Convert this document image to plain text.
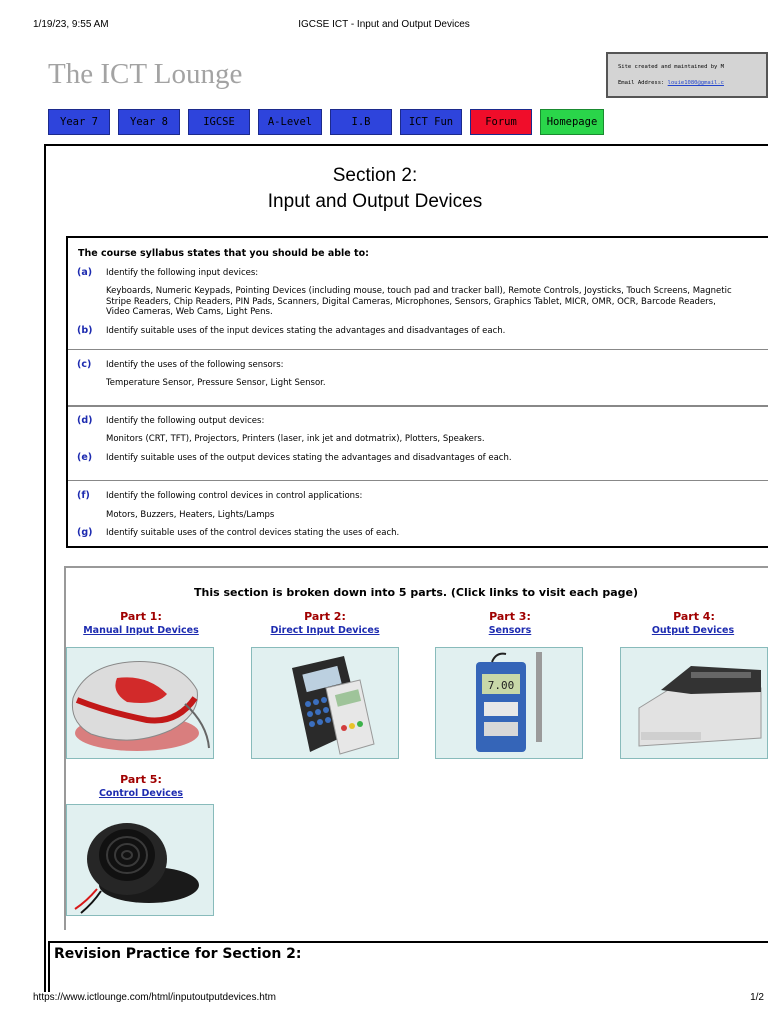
1/19/23, 9:55 AM	IGCSE ICT - Input and Output Devices
The ICT Lounge	Site created and maintained by M
Email Address: louie1080@gmail.c
Year 7	Year 8	IGCSE	A-Level	I.B	ICT Fun	Forum	Homepage
Section 2:
Input and Output Devices
The course syllabus states that you should be able to:
(a) Identify the following input devices:
Keyboards, Numeric Keypads, Pointing Devices (including mouse, touch pad and tracker ball), Remote Controls, Joysticks, Touch Screens, Magnetic Stripe Readers, Chip Readers, PIN Pads, Scanners, Digital Cameras, Microphones, Sensors, Graphics Tablet, MICR, OMR, OCR, Barcode Readers, Video Cameras, Web Cams, Light Pens.
(b) Identify suitable uses of the input devices stating the advantages and disadvantages of each.
(c) Identify the uses of the following sensors:
Temperature Sensor, Pressure Sensor, Light Sensor.
(d) Identify the following output devices:
Monitors (CRT, TFT), Projectors, Printers (laser, ink jet and dotmatrix), Plotters, Speakers.
(e) Identify suitable uses of the output devices stating the advantages and disadvantages of each.
(f) Identify the following control devices in control applications:
Motors, Buzzers, Heaters, Lights/Lamps
(g) Identify suitable uses of the control devices stating the uses of each.
This section is broken down into 5 parts. (Click links to visit each page)
Part 1:
Manual Input Devices
Part 2:
Direct Input Devices
Part 3:
Sensors
7.00
Part 4:
Output Devices
Part 5:
Control Devices
Revision Practice for Section 2:
https://www.ictlounge.com/html/inputoutputdevices.htm	1/2
